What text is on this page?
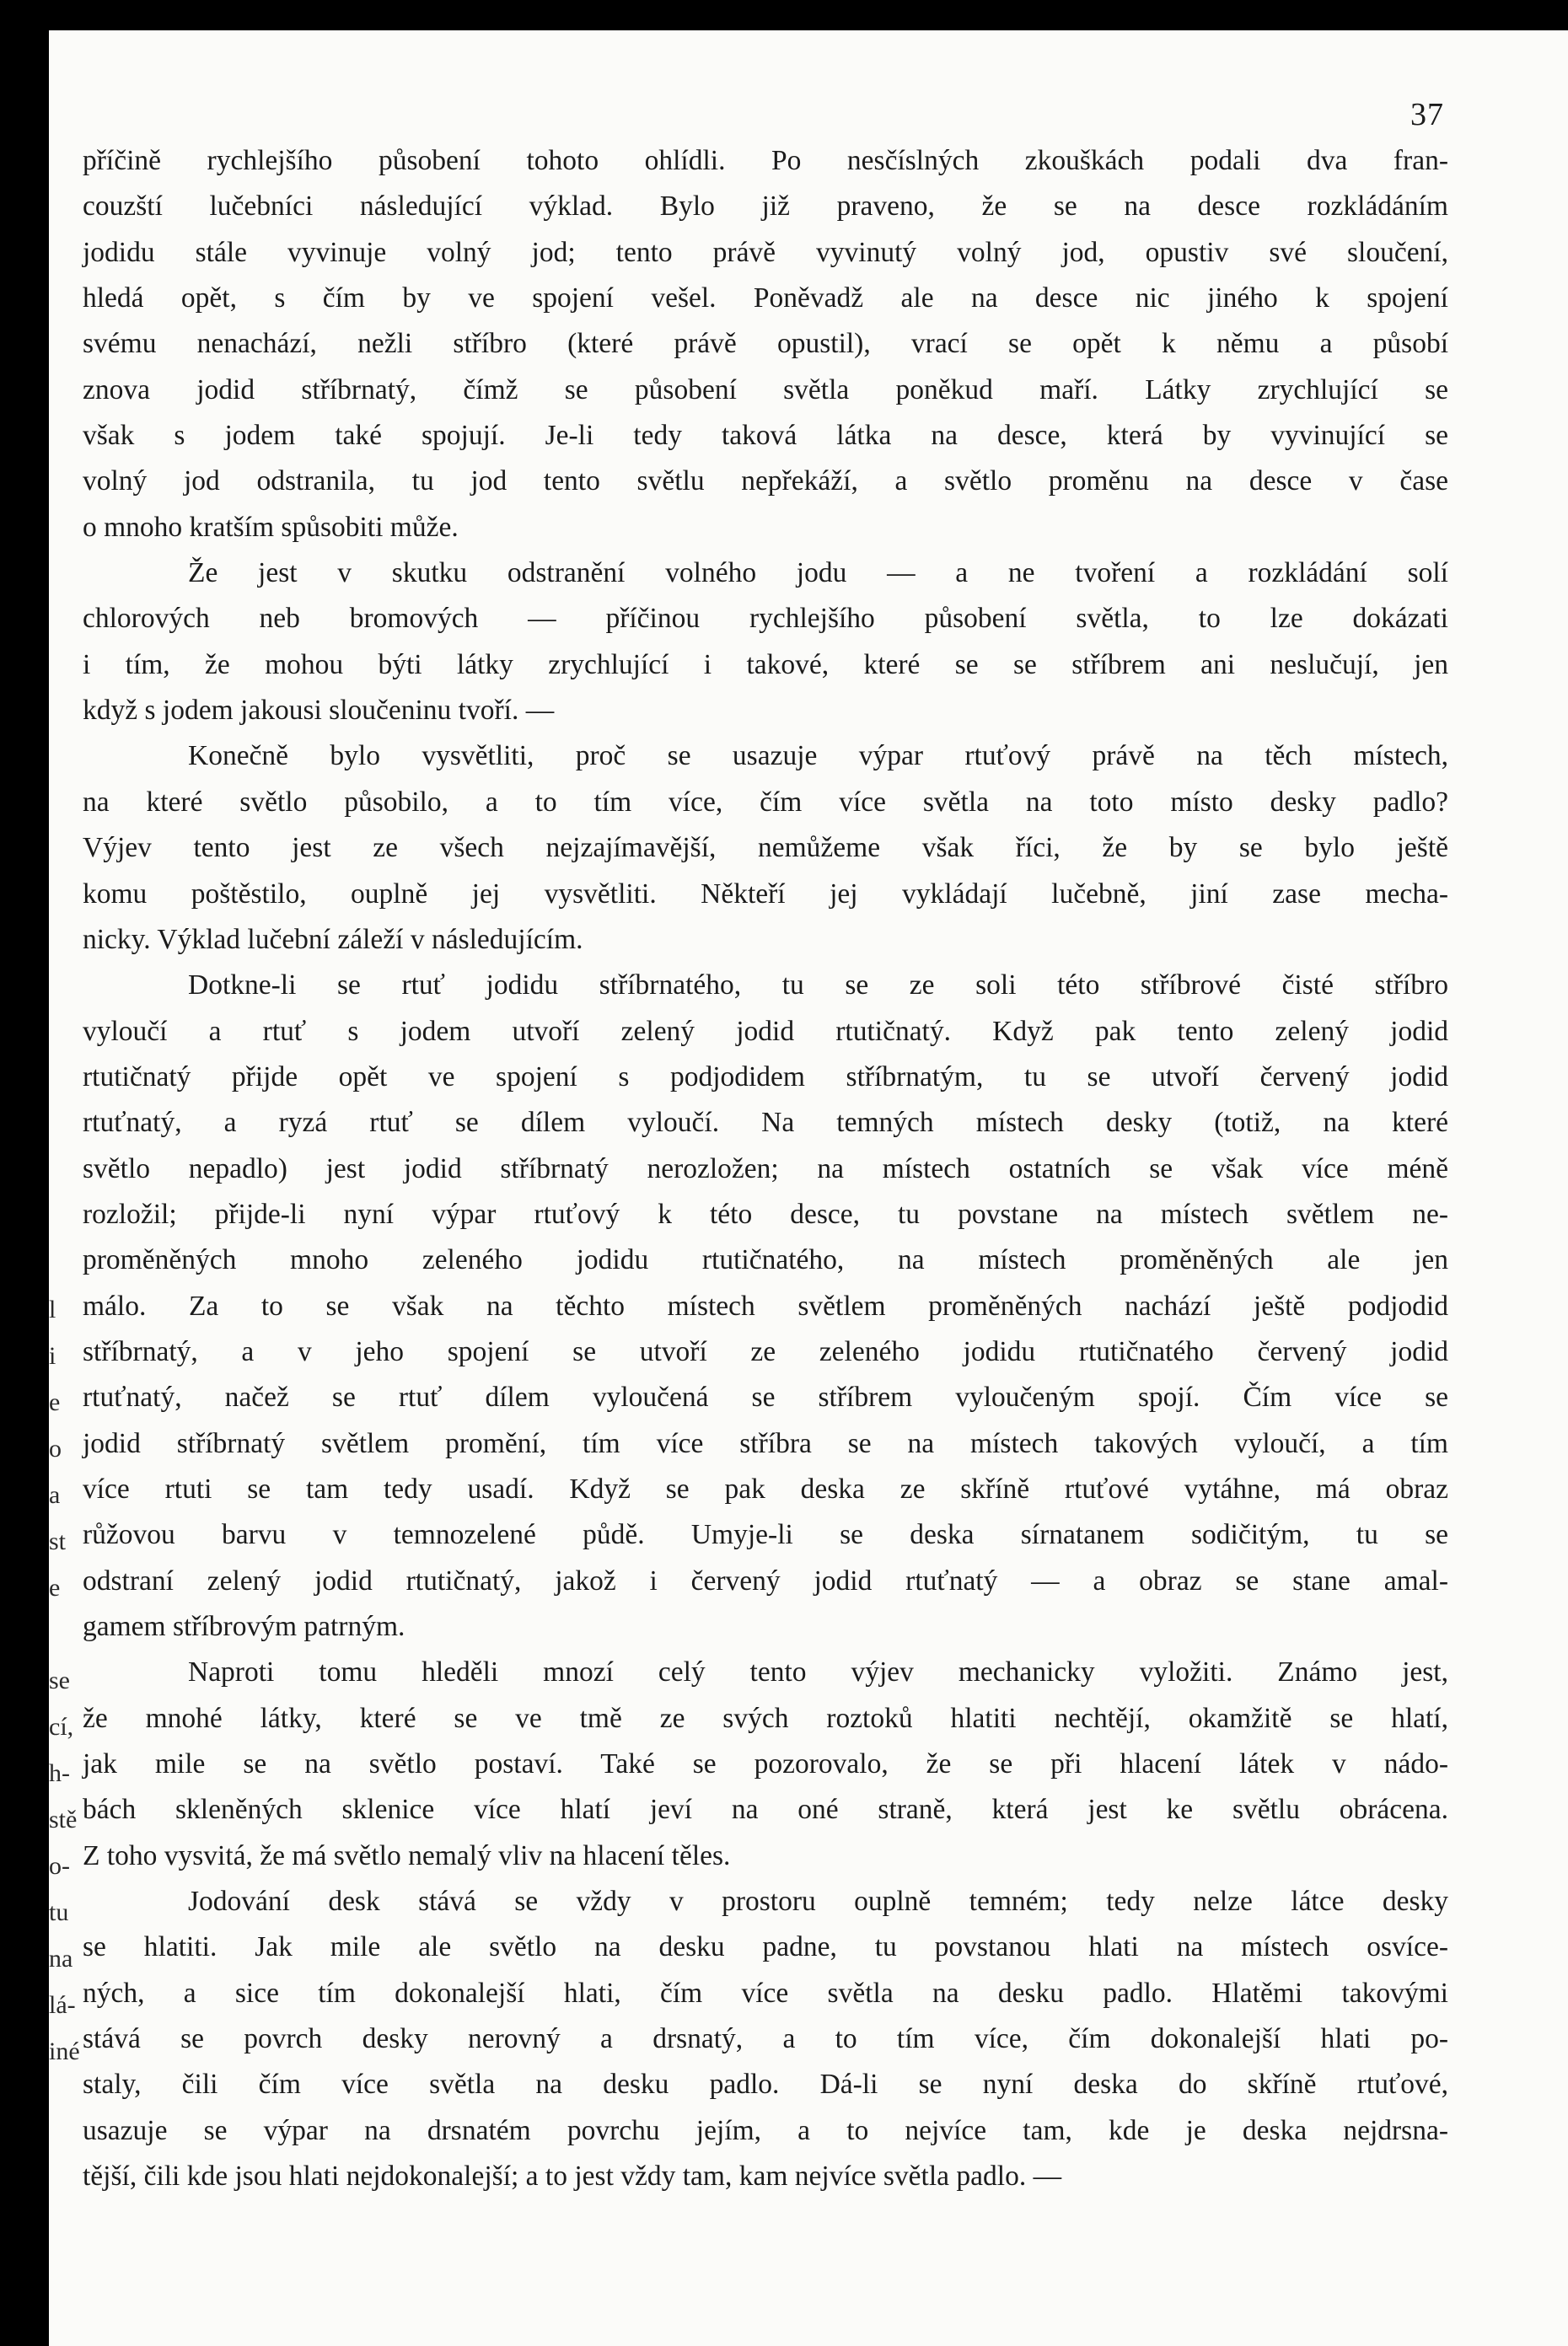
37
příčině rychlejšího působení tohoto ohlídli. Po nesčíslných zkouškách podali dva fran-
couzští lučebníci následující výklad. Bylo již praveno, že se na desce rozkládáním
jodidu stále vyvinuje volný jod; tento právě vyvinutý volný jod, opustiv své sloučení,
hledá opět, s čím by ve spojení vešel. Poněvadž ale na desce nic jiného k spojení
svému nenachází, nežli stříbro (které právě opustil), vrací se opět k němu a působí
znova jodid stříbrnatý, čímž se působení světla poněkud maří. Látky zrychlující se
však s jodem také spojují. Je-li tedy taková látka na desce, která by vyvinující se
volný jod odstranila, tu jod tento světlu nepřekáží, a světlo proměnu na desce v čase
o mnoho kratším spůsobiti může.
Že jest v skutku odstranění volného jodu — a ne tvoření a rozkládání solí
chlorových neb bromových — příčinou rychlejšího působení světla, to lze dokázati
i tím, že mohou býti látky zrychlující i takové, které se se stříbrem ani neslučují, jen
když s jodem jakousi sloučeninu tvoří. —
Konečně bylo vysvětliti, proč se usazuje výpar rtuťový právě na těch místech,
na které světlo působilo, a to tím více, čím více světla na toto místo desky padlo?
Výjev tento jest ze všech nejzajímavější, nemůžeme však říci, že by se bylo ještě
komu poštěstilo, ouplně jej vysvětliti. Někteří jej vykládají lučebně, jiní zase mecha-
nicky. Výklad lučební záleží v následujícím.
Dotkne-li se rtuť jodidu stříbrnatého, tu se ze soli této stříbrové čisté stříbro
vyloučí a rtuť s jodem utvoří zelený jodid rtutičnatý. Když pak tento zelený jodid
rtutičnatý přijde opět ve spojení s podjodidem stříbrnatým, tu se utvoří červený jodid
rtuťnatý, a ryzá rtuť se dílem vyloučí. Na temných místech desky (totiž, na které
světlo nepadlo) jest jodid stříbrnatý nerozložen; na místech ostatních se však více méně
rozložil; přijde-li nyní výpar rtuťový k této desce, tu povstane na místech světlem ne-
proměněných mnoho zeleného jodidu rtutičnatého, na místech proměněných ale jen
málo. Za to se však na těchto místech světlem proměněných nachází ještě podjodid
stříbrnatý, a v jeho spojení se utvoří ze zeleného jodidu rtutičnatého červený jodid
rtuťnatý, načež se rtuť dílem vyloučená se stříbrem vyloučeným spojí. Čím více se
jodid stříbrnatý světlem promění, tím více stříbra se na místech takových vyloučí, a tím
více rtuti se tam tedy usadí. Když se pak deska ze skříně rtuťové vytáhne, má obraz
růžovou barvu v temnozelené půdě. Umyje-li se deska sírnatanem sodičitým, tu se
odstraní zelený jodid rtutičnatý, jakož i červený jodid rtuťnatý — a obraz se stane amal-
gamem stříbrovým patrným.
Naproti tomu hleděli mnozí celý tento výjev mechanicky vyložiti. Známo jest,
že mnohé látky, které se ve tmě ze svých roztoků hlatiti nechtějí, okamžitě se hlatí,
jak mile se na světlo postaví. Také se pozorovalo, že se při hlacení látek v nádo-
bách skleněných sklenice více hlatí jeví na oné straně, která jest ke světlu obrácena.
Z toho vysvitá, že má světlo nemalý vliv na hlacení těles.
Jodování desk stává se vždy v prostoru ouplně temném; tedy nelze látce desky
se hlatiti. Jak mile ale světlo na desku padne, tu povstanou hlati na místech osvíce-
ných, a sice tím dokonalejší hlati, čím více světla na desku padlo. Hlatěmi takovými
stává se povrch desky nerovný a drsnatý, a to tím více, čím dokonalejší hlati po-
staly, čili čím více světla na desku padlo. Dá-li se nyní deska do skříně rtuťové,
usazuje se výpar na drsnatém povrchu jejím, a to nejvíce tam, kde je deska nejdrsna-
tější, čili kde jsou hlati nejdokonalejší; a to jest vždy tam, kam nejvíce světla padlo. —
l
i
e
o
a
st
e
se
cí,
h-
stě
o-
tu
na
lá-
iné
